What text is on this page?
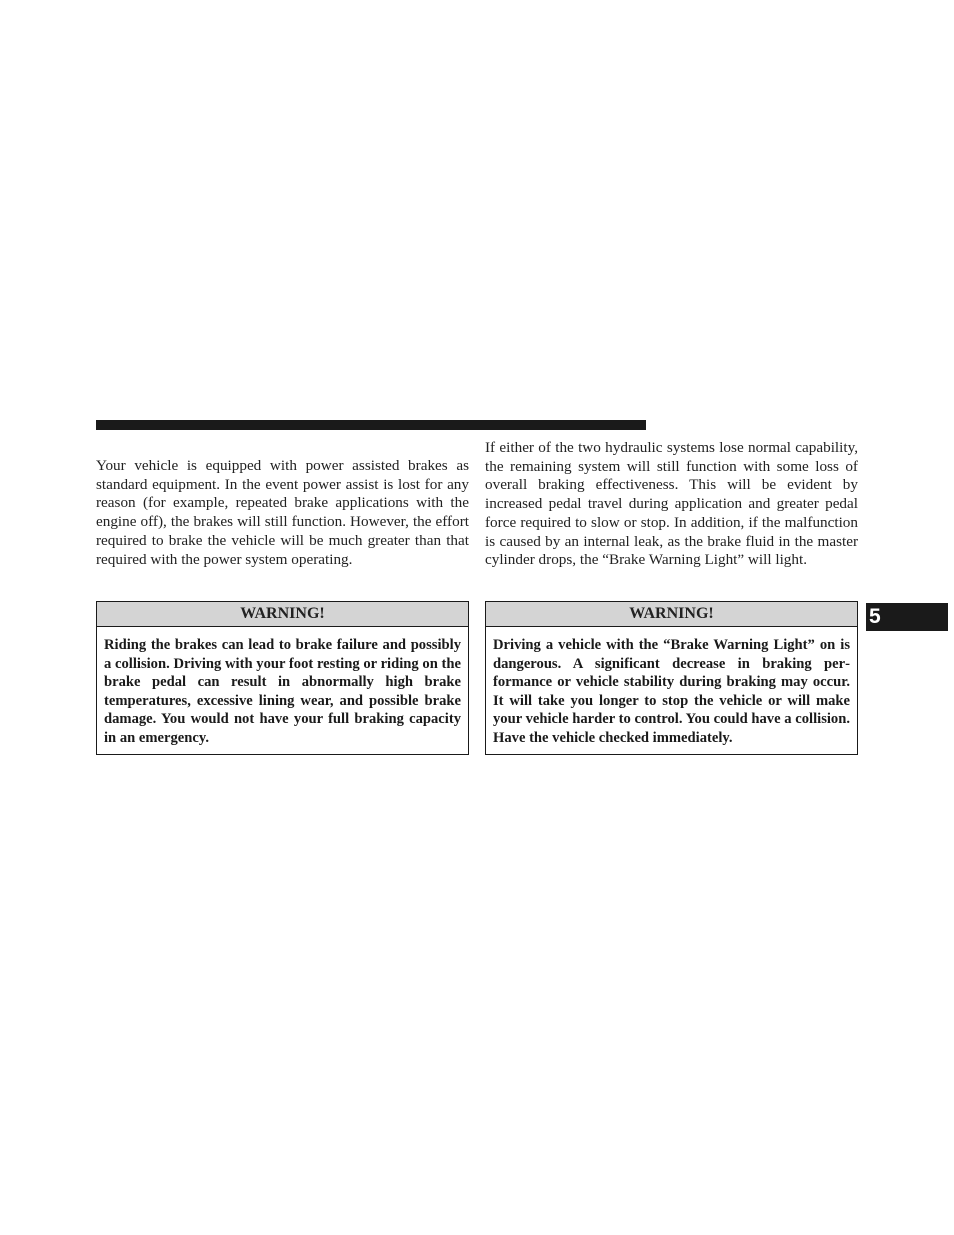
Your vehicle is equipped with power assisted brakes as standard equipment. In the event power assist is lost for any reason (for example, repeated brake applications with the engine off), the brakes will still function. However, the effort required to brake the vehicle will be much greater than that required with the power system operating.

If either of the two hydraulic systems lose normal capability, the remaining system will still function with some loss of overall braking effectiveness. This will be evident by increased pedal travel during application and greater pedal force required to slow or stop. In addition, if the malfunction is caused by an internal leak, as the brake fluid in the master cylinder drops, the “Brake Warning Light” will light.

WARNING!

Riding the brakes can lead to brake failure and possibly a collision. Driving with your foot resting or riding on the brake pedal can result in abnormally high brake temperatures, excessive lining wear, and possible brake damage. You would not have your full braking capacity in an emergency.

WARNING!

Driving a vehicle with the “Brake Warning Light” on is dangerous. A significant decrease in braking performance or vehicle stability during braking may occur. It will take you longer to stop the vehicle or will make your vehicle harder to control. You could have a collision. Have the vehicle checked immediately.

5
